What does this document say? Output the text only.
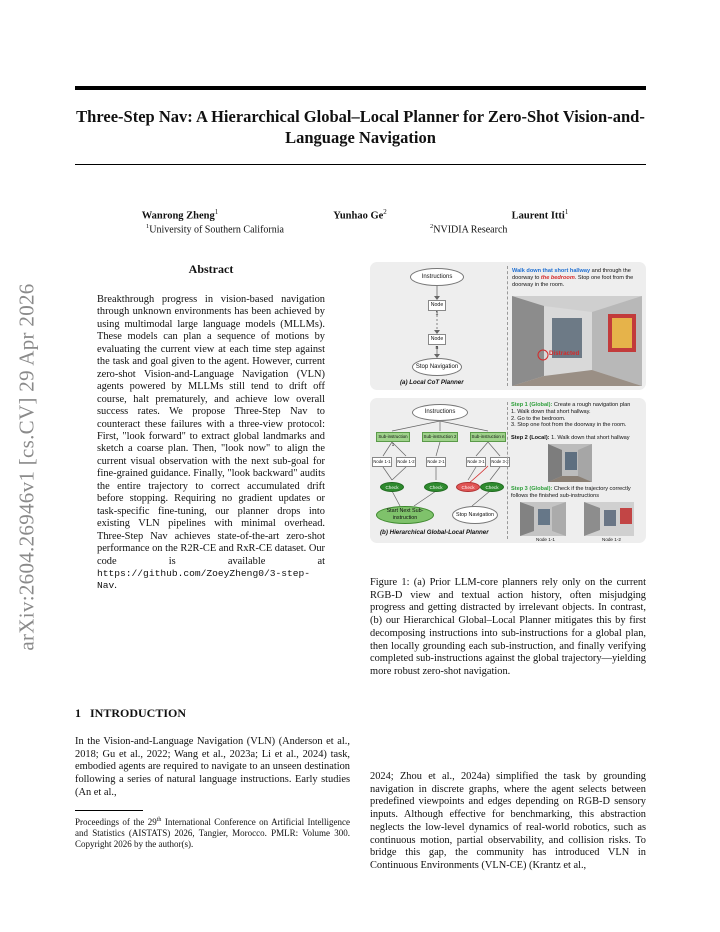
Three-Step Nav: A Hierarchical Global–Local Planner for Zero-Shot Vision-and-Language Navigation
Wanrong Zheng$^1$	Yunhao Ge$^2$	Laurent Itti$^1$
$^1$University of Southern California	$^2$NVIDIA Research
arXiv:2604.26946v1 [cs.CV] 29 Apr 2026
Abstract
Breakthrough progress in vision-based navigation through unknown environments has been achieved by using multimodal large language models (MLLMs). These models can plan a sequence of motions by evaluating the current view at each time step against the task and goal given to the agent. However, current zero-shot Vision-and-Language Navigation (VLN) agents powered by MLLMs still tend to drift off course, halt prematurely, and achieve low overall success rates. We propose Three-Step Nav to counteract these failures with a three-view protocol: First, "look forward" to extract global landmarks and sketch a coarse plan. Then, "look now" to align the current visual observation with the next sub-goal for fine-grained guidance. Finally, "look backward" audits the entire trajectory to correct accumulated drift before stopping. Requiring no gradient updates or task-specific fine-tuning, our planner drops into existing VLN pipelines with minimal overhead. Three-Step Nav achieves state-of-the-art zero-shot performance on the R2R-CE and RxR-CE dataset. Our code is available at https://github.com/ZoeyZheng0/3-step-Nav.
Instructions
Node 1
Node n
Stop Navigation
(a) Local CoT Planner
Walk down that short hallway and through the doorway to the bedroom. Stop one foot from the doorway in the room.
Distracted
Instructions
Sub-instruction 1
Sub-instruction 2	Sub-instruction n
Node 1-1	Node 1-2	Node 2-1	Node 3-1	Node 3-2
Check	Check	Check	Check
Start Next Sub-instruction
Stop Navigation
(b) Hierarchical Global-Local Planner
Step 1 (Global): Create a rough navigation plan
1. Walk down that short hallway.
2. Go to the bedroom.
3. Stop one foot from the doorway in the room.
Step 2 (Local): 1. Walk down that short hallway
Step 3 (Global): Check if the trajectory correctly follows the finished sub-instructions
Node 1-1	Node 1-2
Figure 1: (a) Prior LLM-core planners rely only on the current RGB-D view and textual action history, often misjudging progress and getting distracted by irrelevant objects. In contrast, (b) our Hierarchical Global–Local Planner mitigates this by first decomposing instructions into sub-instructions for a global plan, then locally grounding each sub-instruction, and finally verifying completed sub-instructions against the global trajectory—yielding more robust zero-shot navigation.
1 INTRODUCTION
In the Vision-and-Language Navigation (VLN) (Anderson et al., 2018; Gu et al., 2022; Wang et al., 2023a; Li et al., 2024) task, embodied agents are required to navigate to an unseen destination following a series of natural language instructions. Early studies (An et al.,
Proceedings of the 29th International Conference on Artificial Intelligence and Statistics (AISTATS) 2026, Tangier, Morocco. PMLR: Volume 300. Copyright 2026 by the author(s).
2024; Zhou et al., 2024a) simplified the task by grounding navigation in discrete graphs, where the agent selects between predefined viewpoints and edges depending on RGB-D sensory inputs. Although effective for benchmarking, this abstraction neglects the low-level dynamics of real-world robotics, such as continuous motion, partial observability, and collision risks. To bridge this gap, the community has introduced VLN in Continuous Environments (VLN-CE) (Krantz et al.,
